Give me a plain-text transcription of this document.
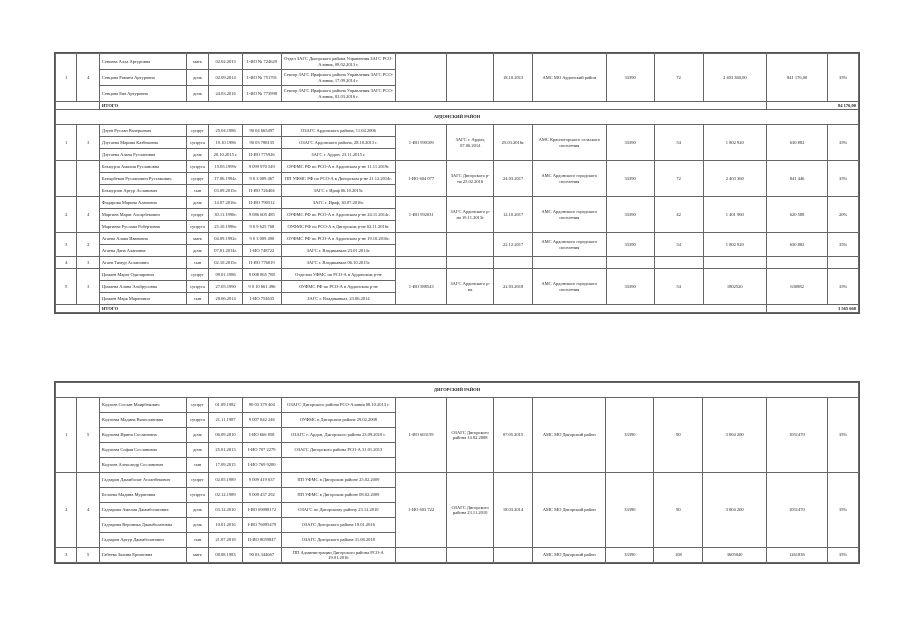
1	4	Сеньева Алла Артуровна	мать	02.02.2013	1-ИО № 724629	Отдел ЗАГС Дигорского района Управления ЗАГС РСО-Алания, 08.02.2013 г.			18.10.2013	АМС МО Ардонский район	33390	72	2 403 360,00	841 176,00	35%
		Сенцова Рамита Артуровна	дочь	02.09.2014	1-ИО № 751701	Сектор ЗАГС Ирафского района Управления ЗАГС РСО-Алания, 17.09.2014 г.									
		Сенцова Ева Артуровна	дочь	24.03.2016	1-ИО № 773998	Сектор ЗАГС Ирафского района Управления ЗАГС РСО-Алания, 02.03.2016 г.									
		ИТОГО												84 176,00	
АРДОНСКИЙ РАЙОН															
1	3	Дзуев Руслан Валерьевич	супруг	25.04.1986	90 04 665497	ОЗАГС Ардонского района, 11.04.2006	1-ИО 590109	ЗАГС г. Ардон, 07.06.2014	25.03.2016г.	АМС Красногорского сельского поселения	33390	54	1 802 920	630 882	35%
		Дзугаева Марина Казбековна	супруга	19.10.1986	90 03 788135	ОЗАГС Ардонского района, 28.10.2013 г.									
		Дзугаева Алана Руслановна	дочь	20.10.2015 г.	II-ИО 775926	ЗАГС г. Ардон, 23.11.2015 г.									
		Бекмурза Амалия Руслановна	супруга	15.05.1999г	9 099 970 549	ОУФМС РФ по РСО-А в Ардонском р-не 11.11.2019г.	1-ИО 604 077	ЗАГС Дигорского р-на 25.02.2016	24.03.2017	АМС Ардонского городского поселения	33390	72	2 403 360	841 446	35%
		Батырбеков Русланович Рустамович	супруг	17.06.1994г.	9 0 3 009 467	ПП УФМС РФ по РСО-А в Дигорском р-не 21.12.2014г.									
		Бекмурзов Артур Асланович	сын	03.09.2015г.	II-ИО 726404	ЗАГС г. Ираф 06.10.2015г.									
2	4	Фидарова Марина Алановна	дочь	14.07.2016г.	II-ИО 790512	ЗАГС г. Ираф, 30.07.2016г.	1-ИО 592031	ЗАГС Ардонского р-на 19.11.2013г	12.10.2017	АМС Ардонского городского поселения	33390	42	1 401 960	620 588	20%
		Маргиев Марат Ахсарбекович	супруг	30.11.1990г.	9 086 605 485	ОУФМС РФ по РСО-А в Ардонском р-не 24.11.2014г.									
		Маргиева Руслана Робертовна	супруга	25.10.1996г.	9 0 9 625 768	ОУФМС РФ по РСО-А в Дигорском р-не 02.11.2016г.									
3	2	Агаева Алана Ивановна	мать	04.09.1992г.	9 0 3 009 490	ОУФМС РФ по РСО-А в Ардонском р-не 19.10.2016г.			22.12.2017	АМС Ардонского городского поселения	33390	54	1 802 920	630 882	35%
		Агаева Дана Алановна	дочь	07.01.2014г.	1-ИО 748722	ЗАГС г. Владикавказ 23.01.2014г.									
4	3	Агаев Тимур Асланович	сын	02.10.2015г.	II-ИО 776019	ЗАГС г. Владикавказ 06.10.2015г.									
5	3	Цомаев Марат Одилярович	супруг	09.01.1986	9 008 865 788	Отделом УФМС по РСО-А в Ардонском р-не	1-ИО 588543	ЗАГС Ардонского р-на	22.03.2018	АМС Ардонского городского поселения	33390	54	1802520	630882	35%
		Цомаева Алана Эльбрусовна	супруга	27.05.1990	9 0 10 661 496	ОУФМС РФ по РСО-А в Ардонском р-не									
		Цомаев Марк Маратович	сын	20.06.2014	1-ИО 754635	ЗАГС г. Владикавказ, 23.06.2014									
		ИТОГО												3 565 660	
ДИГОРСКИЙ РАЙОН															
1	5	Кодзоев Сослан Маирбекович	супруг	01.09.1982	90 03 379 404	ОЗАГС Дигорского района РСО-Алания 08.10.2013 г.	1-ИО 603159	ОЗАГС Дигорского района 14.02.2008	07.05.2015	АМС МО Дигорский район	33390	90	3 004 200	1051470	35%
		Кодзоева Мадина Вячеславовна	супруга	21.11.1987	9 007 842 246	ОУФМС в Дигорском районе 29.02.2008									
		Кодзоева Ирина Сослановна	дочь	06.09.2010	I-ИО 666 858	ОЗАГС г. Ардон, Дигорского района 23.09.2010 г.									
		Кодзоева София Сослановна	дочь	25.01.2013	I-ИО 707 2279	ОЗАГС Дигорского района РСО-А 31.01.2013									
		Кодзоев Александр Сосланович	сын	17.09.2015	I-ИО 769 9200										
2	4	Гадзаров Джамболат Асланбекович	супруг	02.05.1989	9 009 419 637	ПП УФМС в Дигорском районе 25.02.2009	1-ИО 603 722	ОЗАГС Дигорского района 23.11.2010	18.03.2014	АМС МО Дигорский район	33390	90	3 004 200	1051470	35%
		Белоева Мадина Муратовна	супруга	02.12.1989	9 009 437 292	ПП УФМС в Дигорском районе 08.02.2009									
		Гадзарова Амелия Джамболатовна	дочь	03.12.2010	I-ИО 69088172	ОЗАГС по Дигорскому району 23.12.2010									
		Гадзарова Вероника Джамболатовна	дочь	10.01.2016	I-ИО 76095479	ОЗАГС Дигорского района 19.01.2016									
		Гадзаров Артур Джамболатович	сын	21.07.2018	II-ИО 8059847	ОЗАГС Дигорского района 31.08.2018									
3	5	Габеева Залина Ерназовна	мать	08.08.1983	90 03 344667	ПП Администрации Дигорского района РСО-А 29.01.2016				АМС МО Дигорский район	33390	108	3605040	1261836	35%
